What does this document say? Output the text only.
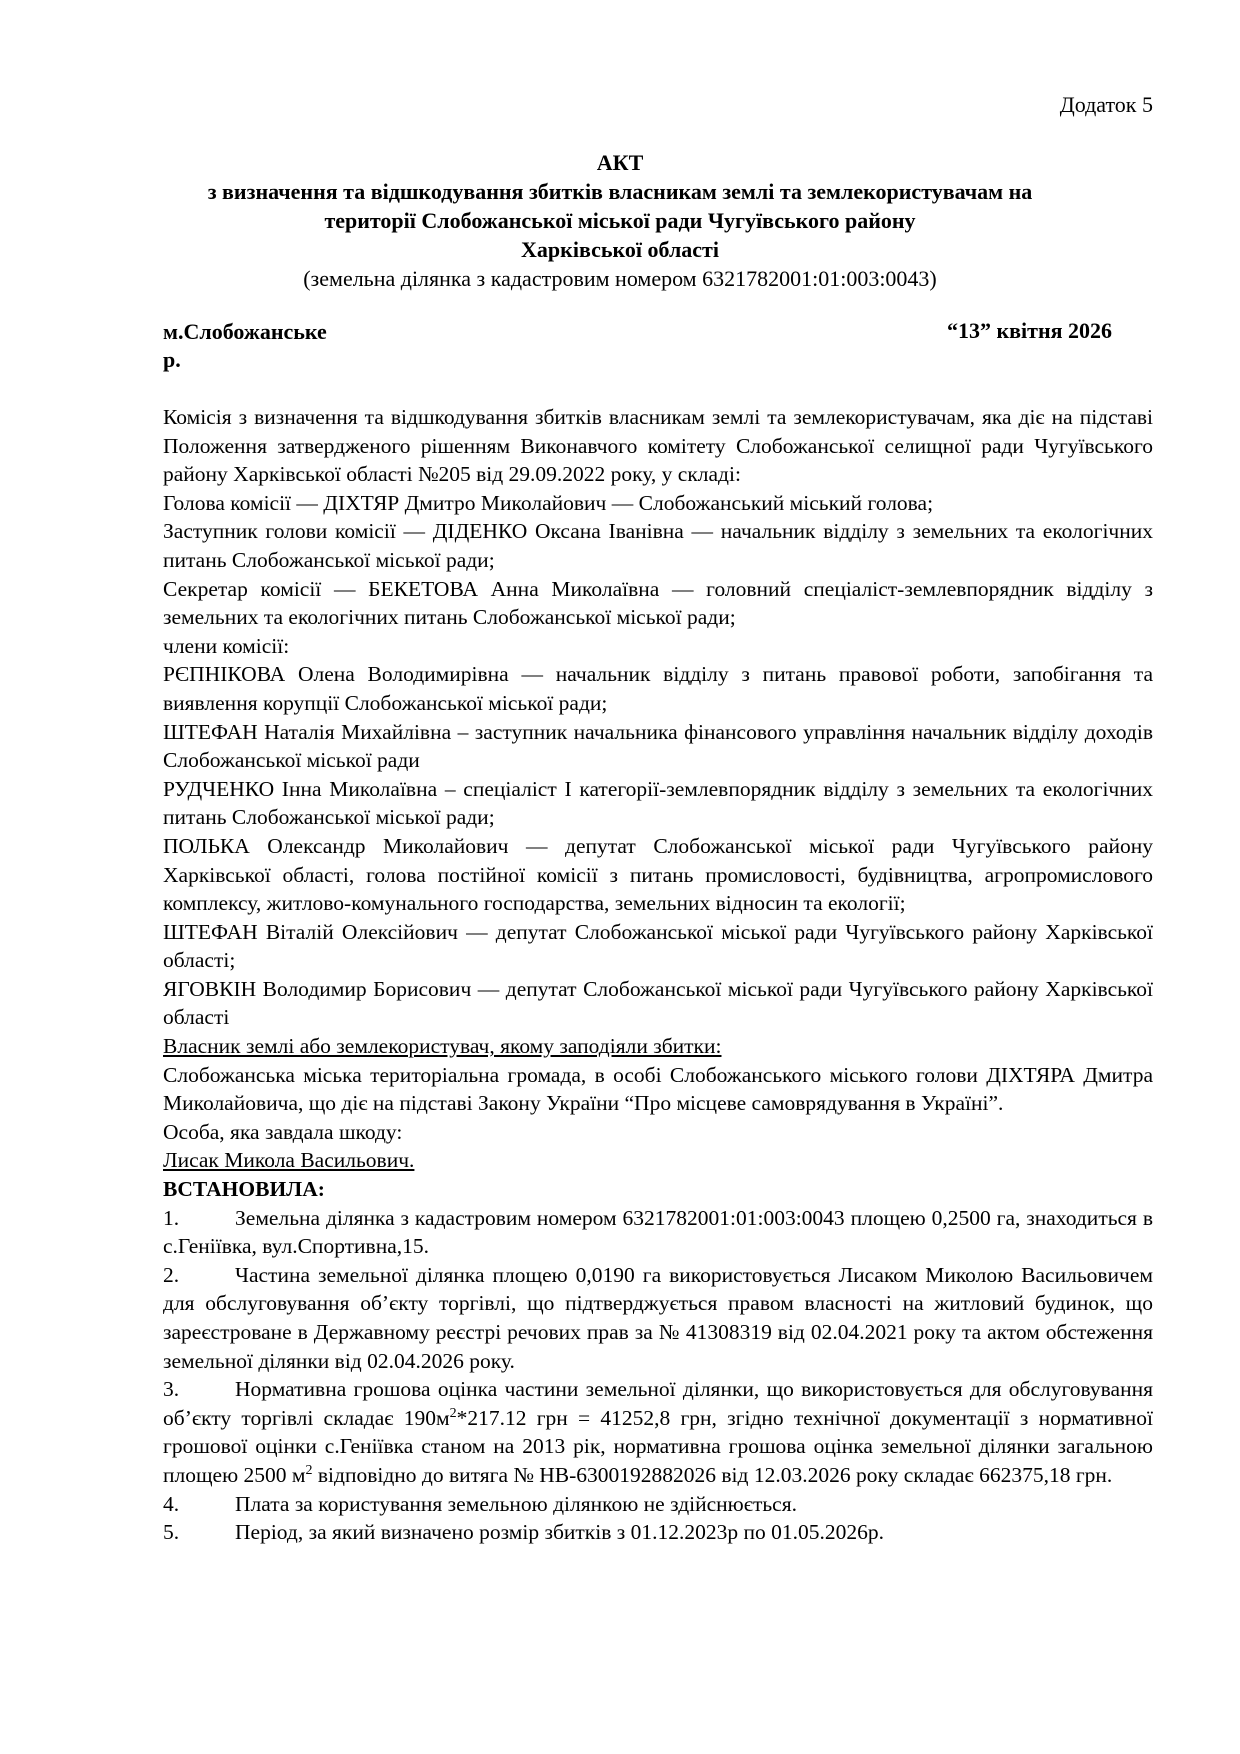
Додаток 5
АКТ
з визначення та відшкодування збитків власникам землі та землекористувачам на
території Слобожанської міської ради Чугуївського району
Харківської області
(земельна ділянка з кадастровим номером 6321782001:01:003:0043)
м.Слобожанське
р.
“13” квітня 2026

Комісія з визначення та відшкодування збитків власникам землі та землекористувачам, яка діє на підставі Положення затвердженого рішенням Виконавчого комітету Слобожанської селищної ради Чугуївського району Харківської області №205 від 29.09.2022 року, у складі:

Голова комісії — ДІХТЯР Дмитро Миколайович — Слобожанський міський голова;

Заступник голови комісії — ДІДЕНКО Оксана Іванівна — начальник відділу з земельних та екологічних питань Слобожанської міської ради;

Секретар комісії — БЕКЕТОВА Анна Миколаївна — головний спеціаліст-землевпорядник відділу з земельних та екологічних питань Слобожанської міської ради;

члени комісії:

РЄПНІКОВА Олена Володимирівна — начальник відділу з питань правової роботи, запобігання та виявлення корупції Слобожанської міської ради;

ШТЕФАН Наталія Михайлівна – заступник начальника фінансового управління начальник відділу доходів Слобожанської міської ради

РУДЧЕНКО Інна Миколаївна – спеціаліст І категорії-землевпорядник відділу з земельних та екологічних питань Слобожанської міської ради;

ПОЛЬКА Олександр Миколайович — депутат Слобожанської міської ради Чугуївського району Харківської області, голова постійної комісії з питань промисловості, будівництва, агропромислового комплексу, житлово-комунального господарства, земельних відносин та екології;

ШТЕФАН Віталій Олексійович — депутат Слобожанської міської ради Чугуївського району Харківської області;

ЯГОВКІН Володимир Борисович — депутат Слобожанської міської ради Чугуївського району Харківської області

Власник землі або землекористувач, якому заподіяли збитки:

Слобожанська міська територіальна громада, в особі Слобожанського міського голови ДІХТЯРА Дмитра Миколайовича, що діє на підставі Закону України “Про місцеве самоврядування в Україні”.

Особа, яка завдала шкоду:

Лисак Микола Васильович.

ВСТАНОВИЛА:

1.	Земельна ділянка з кадастровим номером 6321782001:01:003:0043 площею 0,2500 га, знаходиться в с.Геніївка, вул.Спортивна,15.

2.	Частина земельної ділянка площею 0,0190 га використовується Лисаком Миколою Васильовичем для обслуговування об’єкту торгівлі, що підтверджується правом власності на житловий будинок, що зареєстроване в Державному реєстрі речових прав за № 41308319 від 02.04.2021 року та актом обстеження земельної ділянки від 02.04.2026 року.

3.	Нормативна грошова оцінка частини земельної ділянки, що використовується для обслуговування об’єкту торгівлі складає $190м^2*217.12$ грн = 41252,8 грн, згідно технічної документації з нормативної грошової оцінки с.Геніївка станом на 2013 рік, нормативна грошова оцінка земельної ділянки загальною площею 2500 $м^2$ відповідно до витяга № НВ-6300192882026 від 12.03.2026 року складає 662375,18 грн.

4.	Плата за користування земельною ділянкою не здійснюється.

5.	Період, за який визначено розмір збитків з 01.12.2023р по 01.05.2026р.
